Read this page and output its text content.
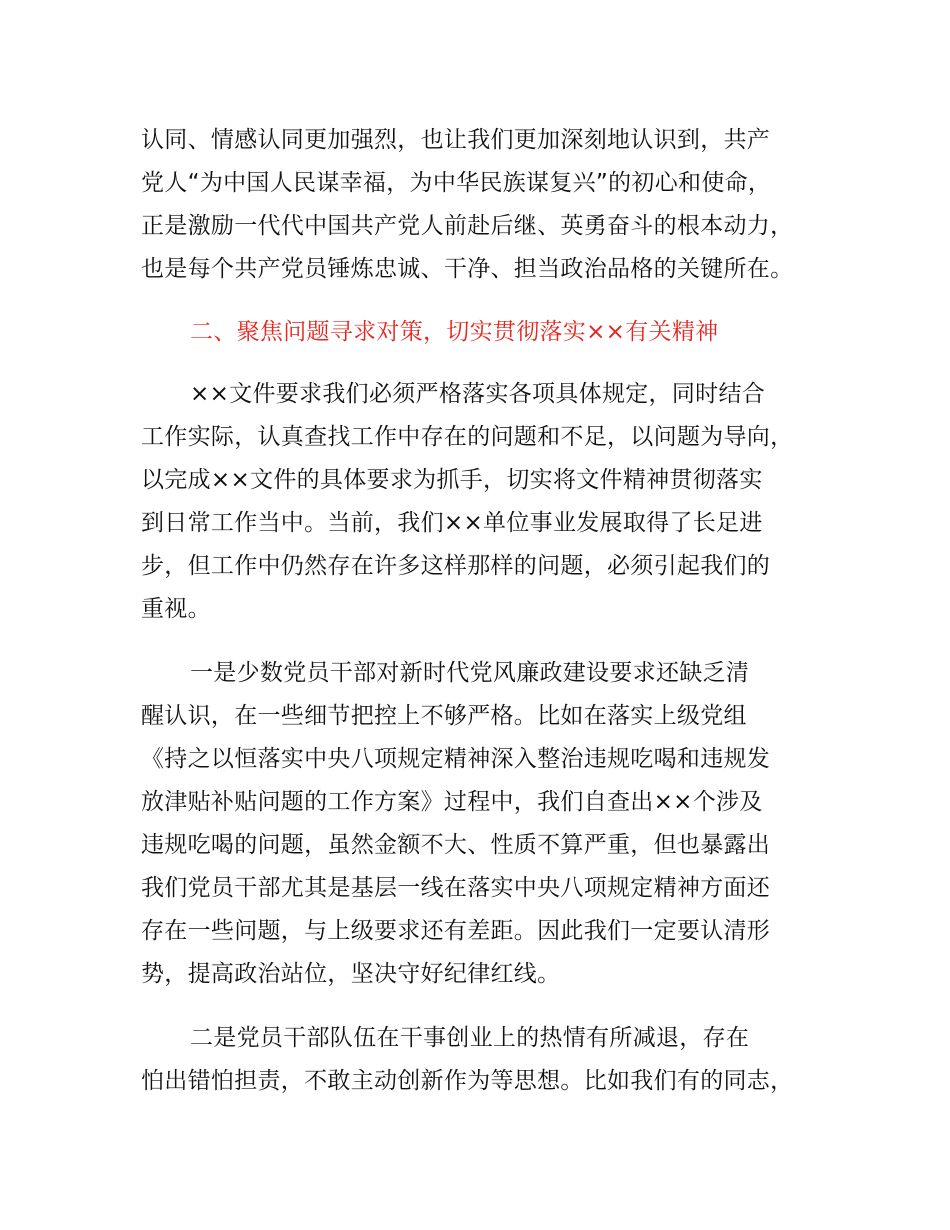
认同、情感认同更加强烈，也让我们更加深刻地认识到，共产
党人“为中国人民谋幸福，为中华民族谋复兴”的初心和使命，
正是激励一代代中国共产党人前赴后继、英勇奋斗的根本动力，
也是每个共产党员锤炼忠诚、干净、担当政治品格的关键所在。
二、聚焦问题寻求对策，切实贯彻落实××有关精神
××文件要求我们必须严格落实各项具体规定，同时结合
工作实际，认真查找工作中存在的问题和不足，以问题为导向，
以完成××文件的具体要求为抓手，切实将文件精神贯彻落实
到日常工作当中。当前，我们××单位事业发展取得了长足进
步，但工作中仍然存在许多这样那样的问题，必须引起我们的
重视。
一是少数党员干部对新时代党风廉政建设要求还缺乏清
醒认识，在一些细节把控上不够严格。比如在落实上级党组
《持之以恒落实中央八项规定精神深入整治违规吃喝和违规发
放津贴补贴问题的工作方案》过程中，我们自查出××个涉及
违规吃喝的问题，虽然金额不大、性质不算严重，但也暴露出
我们党员干部尤其是基层一线在落实中央八项规定精神方面还
存在一些问题，与上级要求还有差距。因此我们一定要认清形
势，提高政治站位，坚决守好纪律红线。
二是党员干部队伍在干事创业上的热情有所减退，存在
怕出错怕担责，不敢主动创新作为等思想。比如我们有的同志，
